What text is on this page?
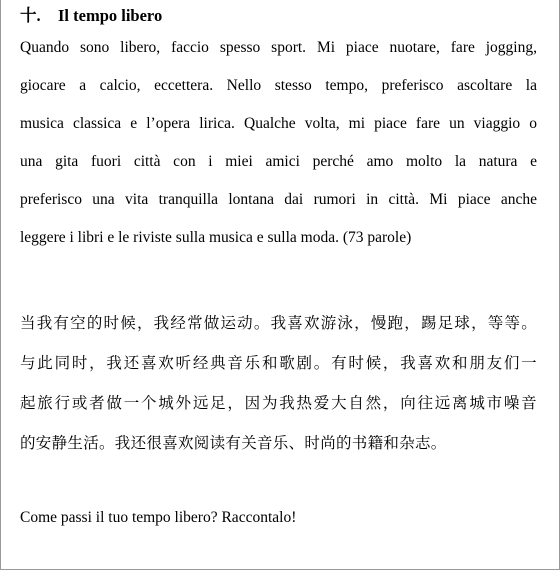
十. Il tempo libero
Quando sono libero, faccio spesso sport. Mi piace nuotare, fare jogging,
giocare a calcio, eccettera. Nello stesso tempo, preferisco ascoltare la
musica classica e l’opera lirica. Qualche volta, mi piace fare un viaggio o
una gita fuori città con i miei amici perché amo molto la natura e
preferisco una vita tranquilla lontana dai rumori in città. Mi piace anche
leggere i libri e le riviste sulla musica e sulla moda. (73 parole)
当我有空的时候，我经常做运动。我喜欢游泳，慢跑，踢足球，等等。
与此同时，我还喜欢听经典音乐和歌剧。有时候，我喜欢和朋友们一
起旅行或者做一个城外远足，因为我热爱大自然，向往远离城市噪音
的安静生活。我还很喜欢阅读有关音乐、时尚的书籍和杂志。
Come passi il tuo tempo libero? Raccontalo!
